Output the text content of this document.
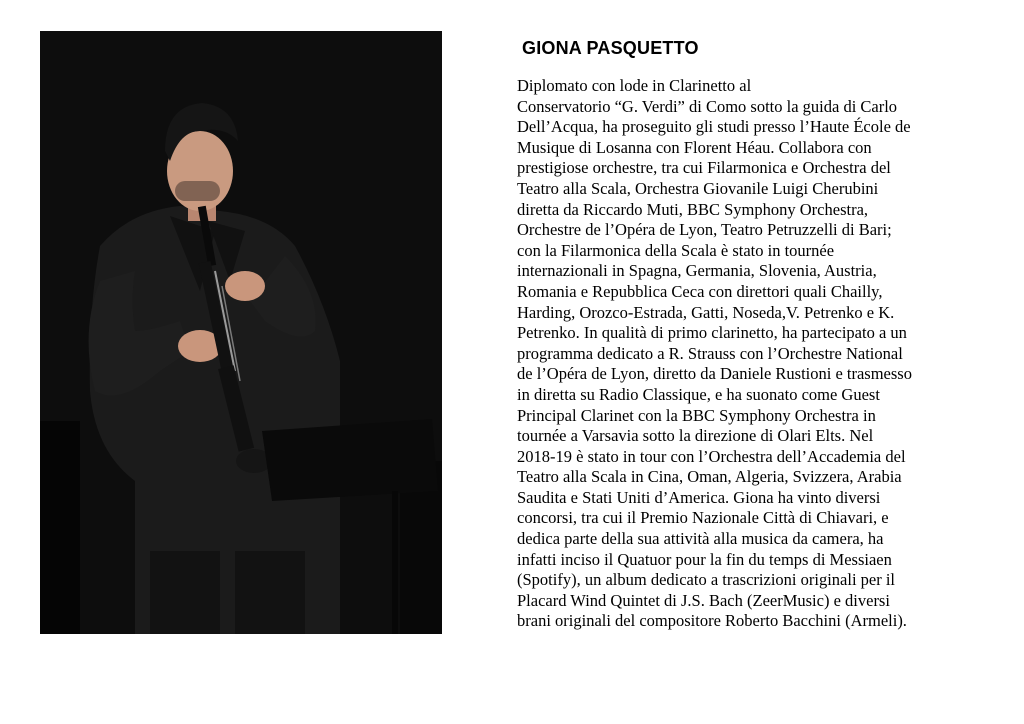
GIONA PASQUETTO

Diplomato con lode in Clarinetto al
Conservatorio “G. Verdi” di Como sotto la guida di Carlo
Dell’Acqua, ha proseguito gli studi presso l’Haute École de
Musique di Losanna con Florent Héau. Collabora con
prestigiose orchestre, tra cui Filarmonica e Orchestra del
Teatro alla Scala, Orchestra Giovanile Luigi Cherubini
diretta da Riccardo Muti, BBC Symphony Orchestra,
Orchestre de l’Opéra de Lyon, Teatro Petruzzelli di Bari;
con la Filarmonica della Scala è stato in tournée
internazionali in Spagna, Germania, Slovenia, Austria,
Romania e Repubblica Ceca con direttori quali Chailly,
Harding, Orozco-Estrada, Gatti, Noseda,V. Petrenko e K.
Petrenko. In qualità di primo clarinetto, ha partecipato a un
programma dedicato a R. Strauss con l’Orchestre National
de l’Opéra de Lyon, diretto da Daniele Rustioni e trasmesso
in diretta su Radio Classique, e ha suonato come Guest
Principal Clarinet con la BBC Symphony Orchestra in
tournée a Varsavia sotto la direzione di Olari Elts. Nel
2018-19 è stato in tour con l’Orchestra dell’Accademia del
Teatro alla Scala in Cina, Oman, Algeria, Svizzera, Arabia
Saudita e Stati Uniti d’America. Giona ha vinto diversi
concorsi, tra cui il Premio Nazionale Città di Chiavari, e
dedica parte della sua attività alla musica da camera, ha
infatti inciso il Quatuor pour la fin du temps di Messiaen
(Spotify), un album dedicato a trascrizioni originali per il
Placard Wind Quintet di J.S. Bach (ZeerMusic) e diversi
brani originali del compositore Roberto Bacchini (Armeli).
